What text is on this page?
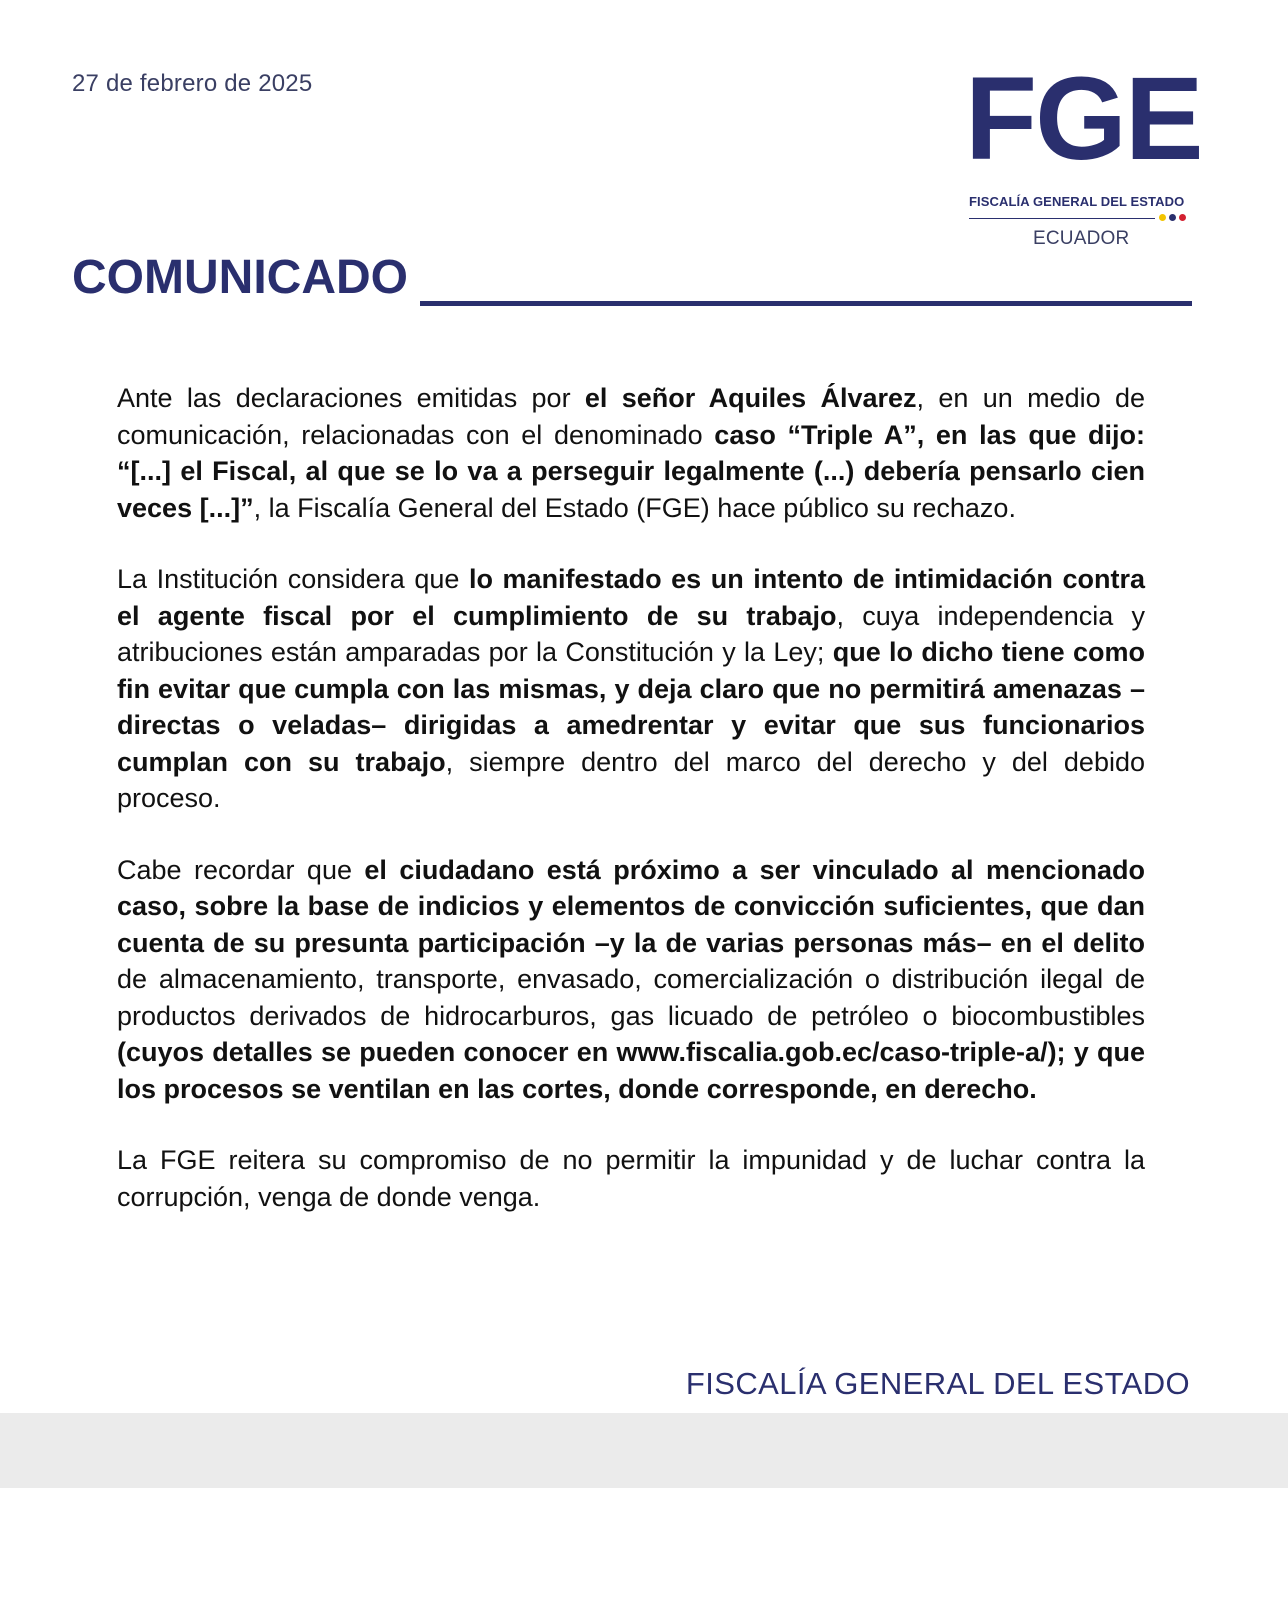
27 de febrero de 2025	FGE
FISCALÍA GENERAL DEL ESTADO
ECUADOR
COMUNICADO

Ante las declaraciones emitidas por el señor Aquiles Álvarez, en un medio de comunicación, relacionadas con el denominado caso “Triple A”, en las que dijo: “[...] el Fiscal, al que se lo va a perseguir legalmente (...) debería pensarlo cien veces [...]”, la Fiscalía General del Estado (FGE) hace público su rechazo.

La Institución considera que lo manifestado es un intento de intimidación contra el agente fiscal por el cumplimiento de su trabajo, cuya independencia y atribuciones están amparadas por la Constitución y la Ley; que lo dicho tiene como fin evitar que cumpla con las mismas, y deja claro que no permitirá amenazas –directas o veladas– dirigidas a amedrentar y evitar que sus funcionarios cumplan con su trabajo, siempre dentro del marco del derecho y del debido proceso.

Cabe recordar que el ciudadano está próximo a ser vinculado al mencionado caso, sobre la base de indicios y elementos de convicción suficientes, que dan cuenta de su presunta participación –y la de varias personas más– en el delito de almacenamiento, transporte, envasado, comercialización o distribución ilegal de productos derivados de hidrocarburos, gas licuado de petróleo o biocombustibles (cuyos detalles se pueden conocer en www.fiscalia.gob.ec/caso-triple-a/); y que los procesos se ventilan en las cortes, donde corresponde, en derecho.

La FGE reitera su compromiso de no permitir la impunidad y de luchar contra la corrupción, venga de donde venga.

FISCALÍA GENERAL DEL ESTADO
